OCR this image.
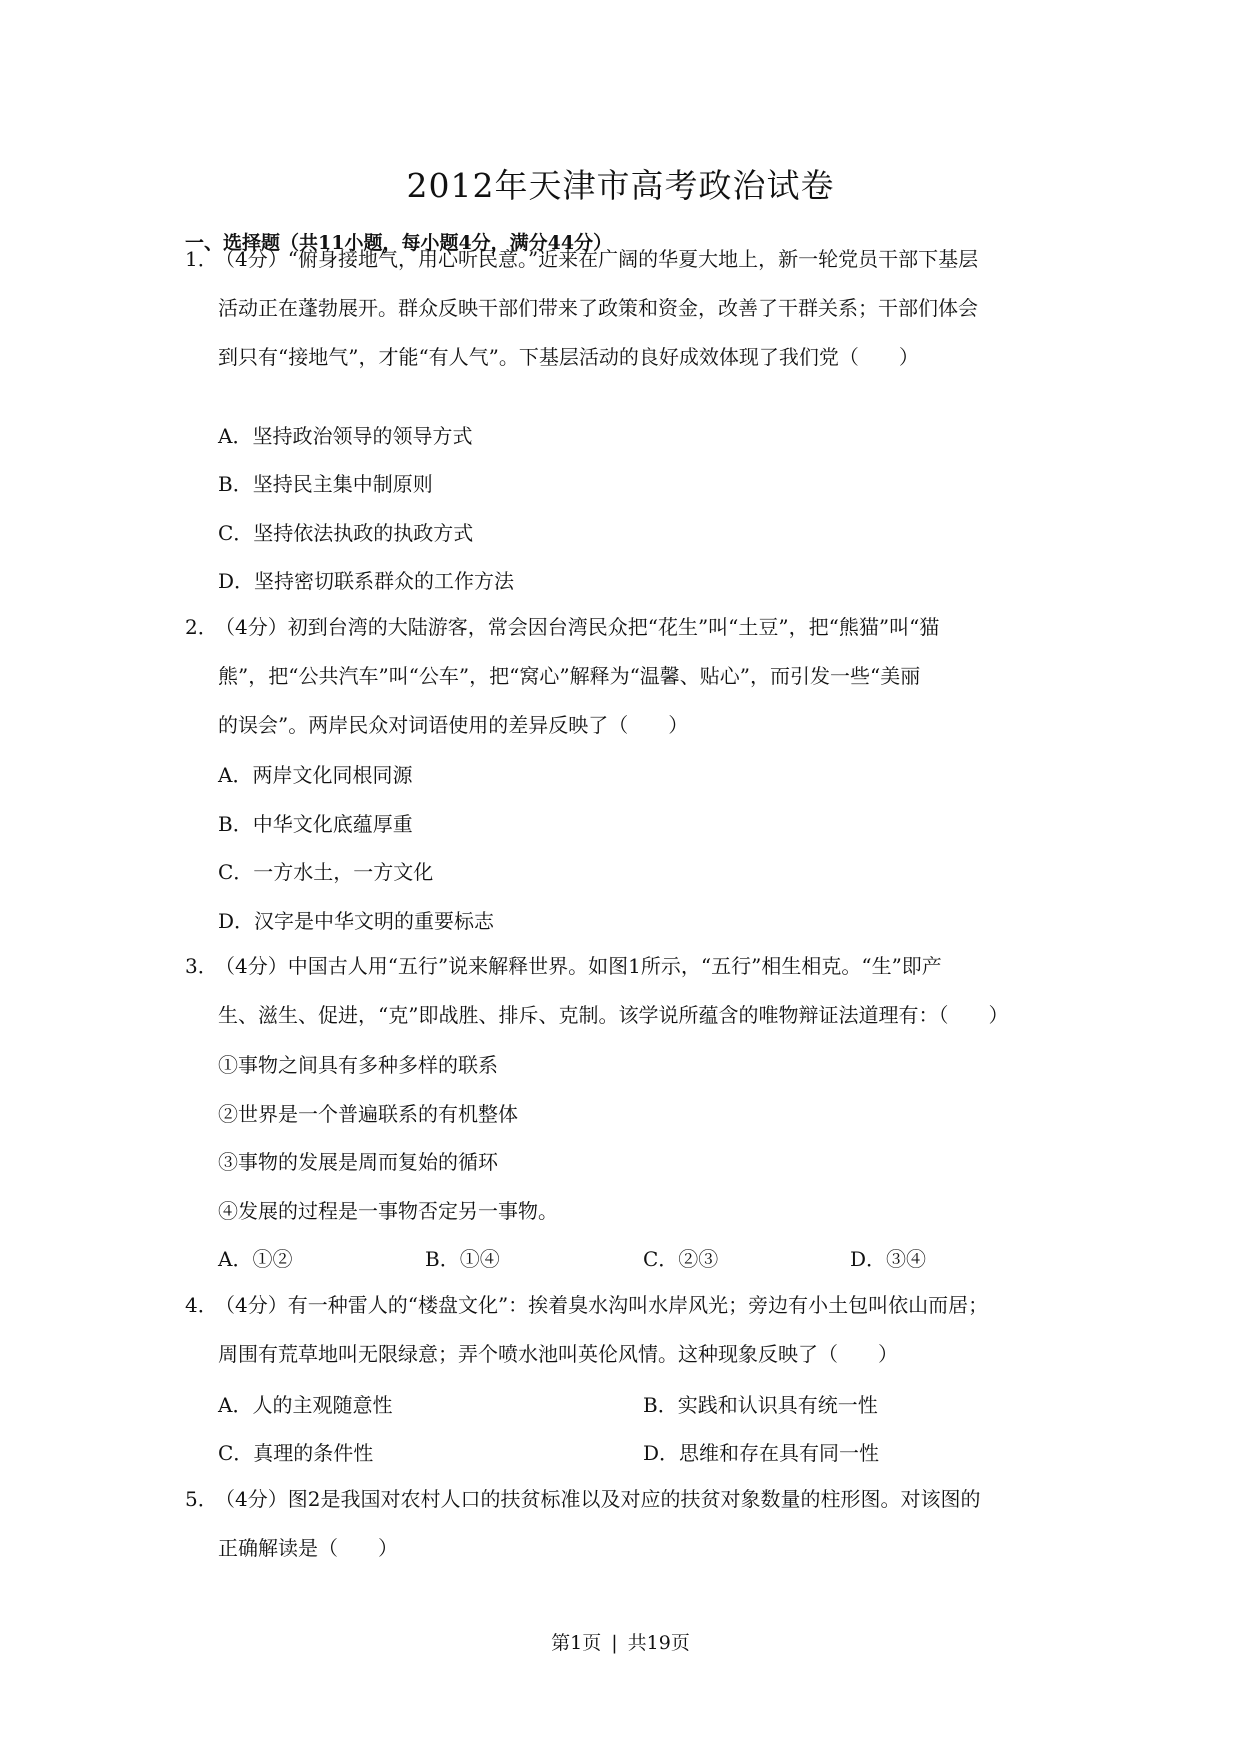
2012年天津市高考政治试卷
一、选择题（共11小题，每小题4分，满分44分）
1．（4分）“俯身接地气，用心听民意。”近来在广阔的华夏大地上，新一轮党员干部下基层
活动正在蓬勃展开。群众反映干部们带来了政策和资金，改善了干群关系；干部们体会
到只有“接地气”，才能“有人气”。下基层活动的良好成效体现了我们党（　　）
A．坚持政治领导的领导方式
B．坚持民主集中制原则
C．坚持依法执政的执政方式
D．坚持密切联系群众的工作方法
2．（4分）初到台湾的大陆游客，常会因台湾民众把“花生”叫“土豆”，把“熊猫”叫“猫
熊”，把“公共汽车”叫“公车”，把“窝心”解释为“温馨、贴心”，而引发一些“美丽
的误会”。两岸民众对词语使用的差异反映了（　　）
A．两岸文化同根同源
B．中华文化底蕴厚重
C．一方水土，一方文化
D．汉字是中华文明的重要标志
3．（4分）中国古人用“五行”说来解释世界。如图1所示，“五行”相生相克。“生”即产
生、滋生、促进，“克”即战胜、排斥、克制。该学说所蕴含的唯物辩证法道理有：（　　）
①事物之间具有多种多样的联系
②世界是一个普遍联系的有机整体
③事物的发展是周而复始的循环
④发展的过程是一事物否定另一事物。
A．①②	B．①④	C．②③	D．③④
4．（4分）有一种雷人的“楼盘文化”：挨着臭水沟叫水岸风光；旁边有小土包叫依山而居；
周围有荒草地叫无限绿意；弄个喷水池叫英伦风情。这种现象反映了（　　）
A．人的主观随意性	B．实践和认识具有统一性
C．真理的条件性	D．思维和存在具有同一性
5．（4分）图2是我国对农村人口的扶贫标准以及对应的扶贫对象数量的柱形图。对该图的
正确解读是（　　）
第1页 | 共19页
